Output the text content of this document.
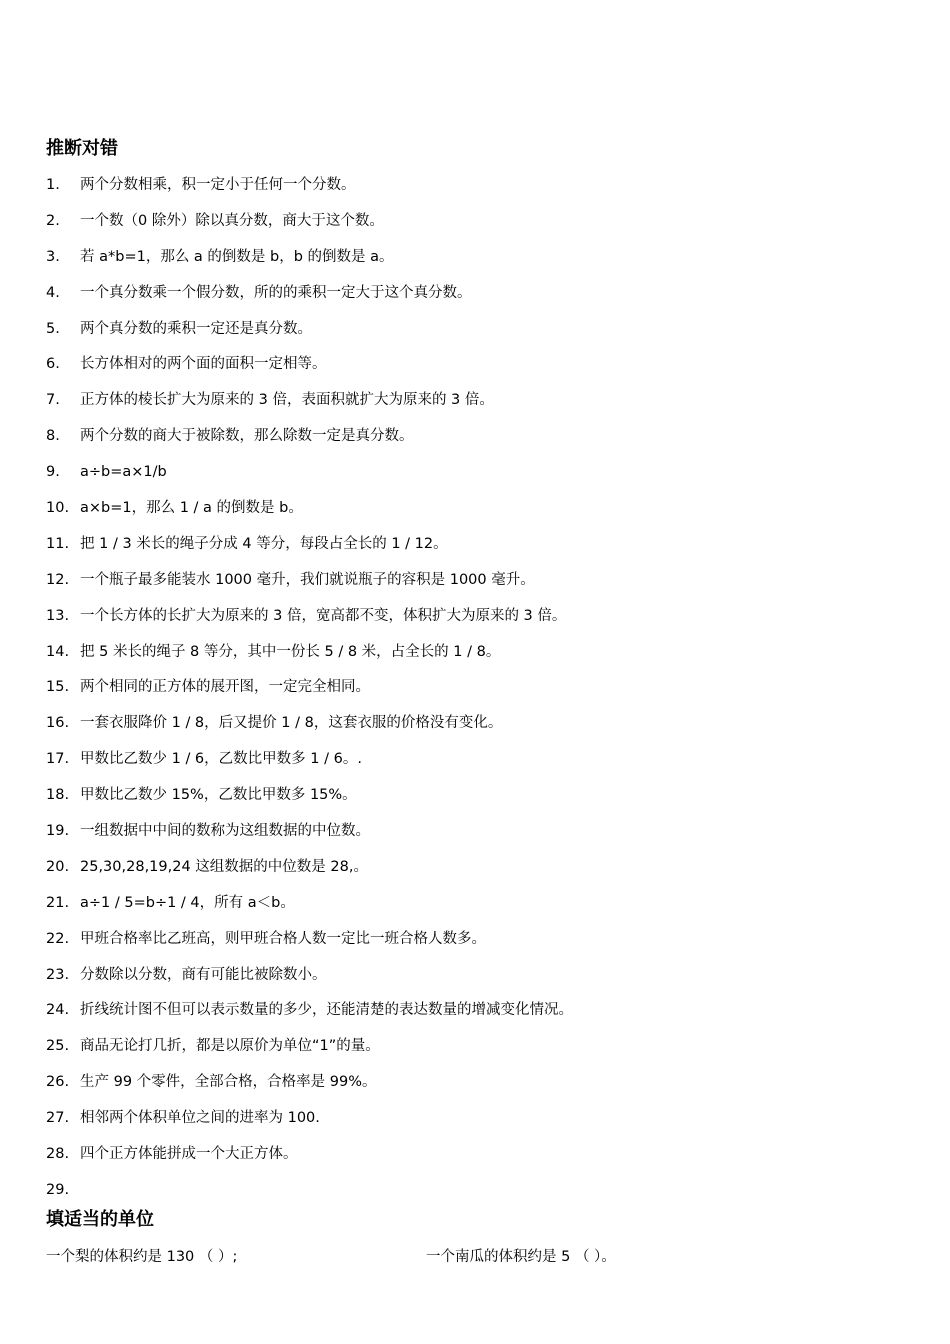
推断对错
1. 两个分数相乘，积一定小于任何一个分数。
2. 一个数（0 除外）除以真分数，商大于这个数。
3. 若 a*b=1，那么 a 的倒数是 b，b 的倒数是 a。
4. 一个真分数乘一个假分数，所的的乘积一定大于这个真分数。
5. 两个真分数的乘积一定还是真分数。
6. 长方体相对的两个面的面积一定相等。
7. 正方体的棱长扩大为原来的 3 倍，表面积就扩大为原来的 3 倍。
8. 两个分数的商大于被除数，那么除数一定是真分数。
9. a÷b=a×1/b
10. a×b=1，那么 1 / a 的倒数是 b。
11. 把 1 / 3 米长的绳子分成 4 等分，每段占全长的 1 / 12。
12. 一个瓶子最多能装水 1000 毫升，我们就说瓶子的容积是 1000 毫升。
13. 一个长方体的长扩大为原来的 3 倍，宽高都不变，体积扩大为原来的 3 倍。
14. 把 5 米长的绳子 8 等分，其中一份长 5 / 8 米，占全长的 1 / 8。
15. 两个相同的正方体的展开图，一定完全相同。
16. 一套衣服降价 1 / 8，后又提价 1 / 8，这套衣服的价格没有变化。
17. 甲数比乙数少 1 / 6，乙数比甲数多 1 / 6。.
18. 甲数比乙数少 15%，乙数比甲数多 15%。
19. 一组数据中中间的数称为这组数据的中位数。
20. 25,30,28,19,24 这组数据的中位数是 28,。
21. a÷1 / 5=b÷1 / 4，所有 a＜b。
22. 甲班合格率比乙班高，则甲班合格人数一定比一班合格人数多。
23. 分数除以分数，商有可能比被除数小。
24. 折线统计图不但可以表示数量的多少，还能清楚的表达数量的增减变化情况。
25. 商品无论打几折，都是以原价为单位“1”的量。
26. 生产 99 个零件，全部合格，合格率是 99%。
27. 相邻两个体积单位之间的进率为 100.
28. 四个正方体能拼成一个大正方体。
29.
填适当的单位
一个梨的体积约是 130 （ ）;	一个南瓜的体积约是 5 （ ）。
